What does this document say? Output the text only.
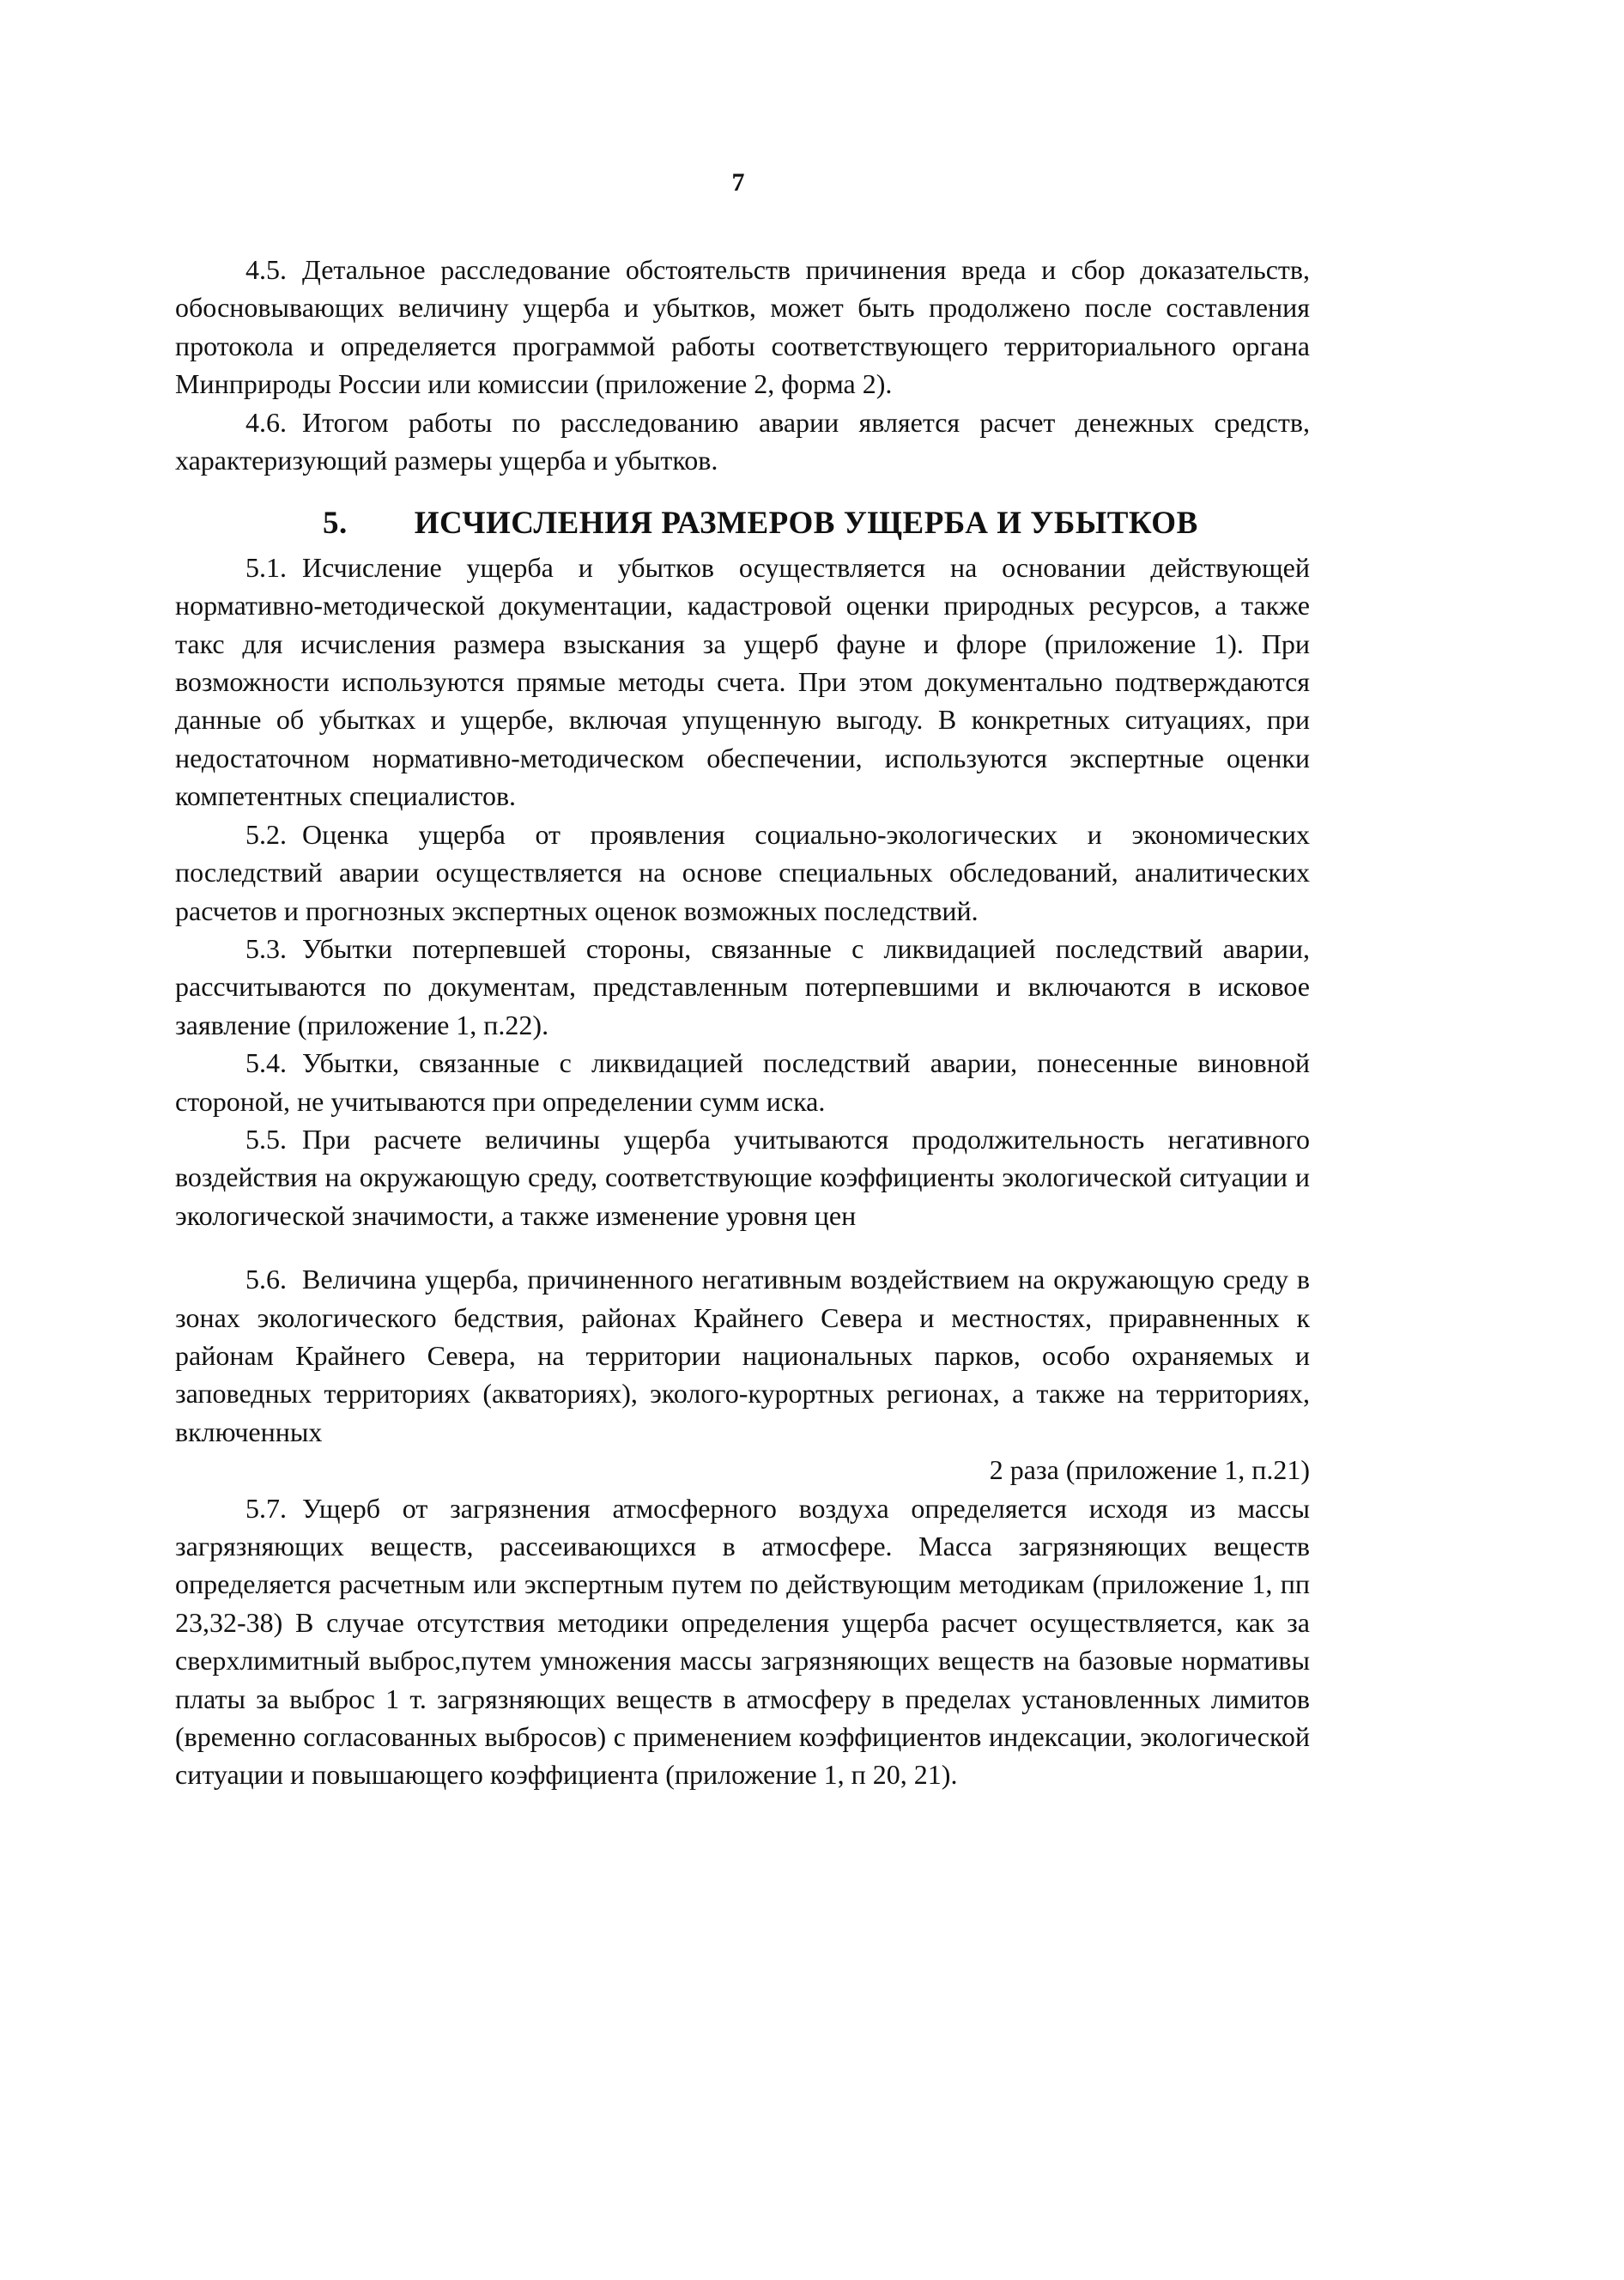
7

4.5. Детальное расследование обстоятельств причинения вреда и сбор доказательств, обосновывающих величину ущерба и убытков, может быть продолжено после составления протокола и определяется программой работы соответствующего территориального органа Минприроды России или комиссии (приложение 2, форма 2).

4.6. Итогом работы по расследованию аварии является расчет денежных средств, характеризующий размеры ущерба и убытков.

5. ИСЧИСЛЕНИЯ РАЗМЕРОВ УЩЕРБА И УБЫТКОВ

5.1. Исчисление ущерба и убытков осуществляется на основании действующей нормативно-методической документации, кадастровой оценки природных ресурсов, а также такс для исчисления размера взыскания за ущерб фауне и флоре (приложение 1). При возможности используются прямые методы счета. При этом документально подтверждаются данные об убытках и ущербе, включая упущенную выгоду. В конкретных ситуациях, при недостаточном нормативно-методическом обеспечении, используются экспертные оценки компетентных специалистов.

5.2. Оценка ущерба от проявления социально-экологических и экономических последствий аварии осуществляется на основе специальных обследований, аналитических расчетов и прогнозных экспертных оценок возможных последствий.

5.3. Убытки потерпевшей стороны, связанные с ликвидацией последствий аварии, рассчитываются по документам, представленным потерпевшими и включаются в исковое заявление (приложение 1, п.22).

5.4. Убытки, связанные с ликвидацией последствий аварии, понесенные виновной стороной, не учитываются при определении сумм иска.

5.5. При расчете величины ущерба учитываются продолжительность негативного воздействия на окружающую среду, соответствующие коэффициенты экологической ситуации и экологической значимости, а также изменение уровня цен

5.6. Величина ущерба, причиненного негативным воздействием на окружающую среду в зонах экологического бедствия, районах Крайнего Севера и местностях, приравненных к районам Крайнего Севера, на территории национальных парков, особо охраняемых и заповедных территориях (акваториях), эколого-курортных регионах, а также на территориях, включенных

2 раза (приложение 1, п.21)

5.7. Ущерб от загрязнения атмосферного воздуха определяется исходя из массы загрязняющих веществ, рассеивающихся в атмосфере. Масса загрязняющих веществ определяется расчетным или экспертным путем по действующим методикам (приложение 1, пп 23,32-38) В случае отсутствия методики определения ущерба расчет осуществляется, как за сверхлимитный выброс,путем умножения массы загрязняющих веществ на базовые нормативы платы за выброс 1 т. загрязняющих веществ в атмосферу в пределах установленных лимитов (временно согласованных выбросов) с применением коэффициентов индексации, экологической ситуации и повышающего коэффициента (приложение 1, п 20, 21).
